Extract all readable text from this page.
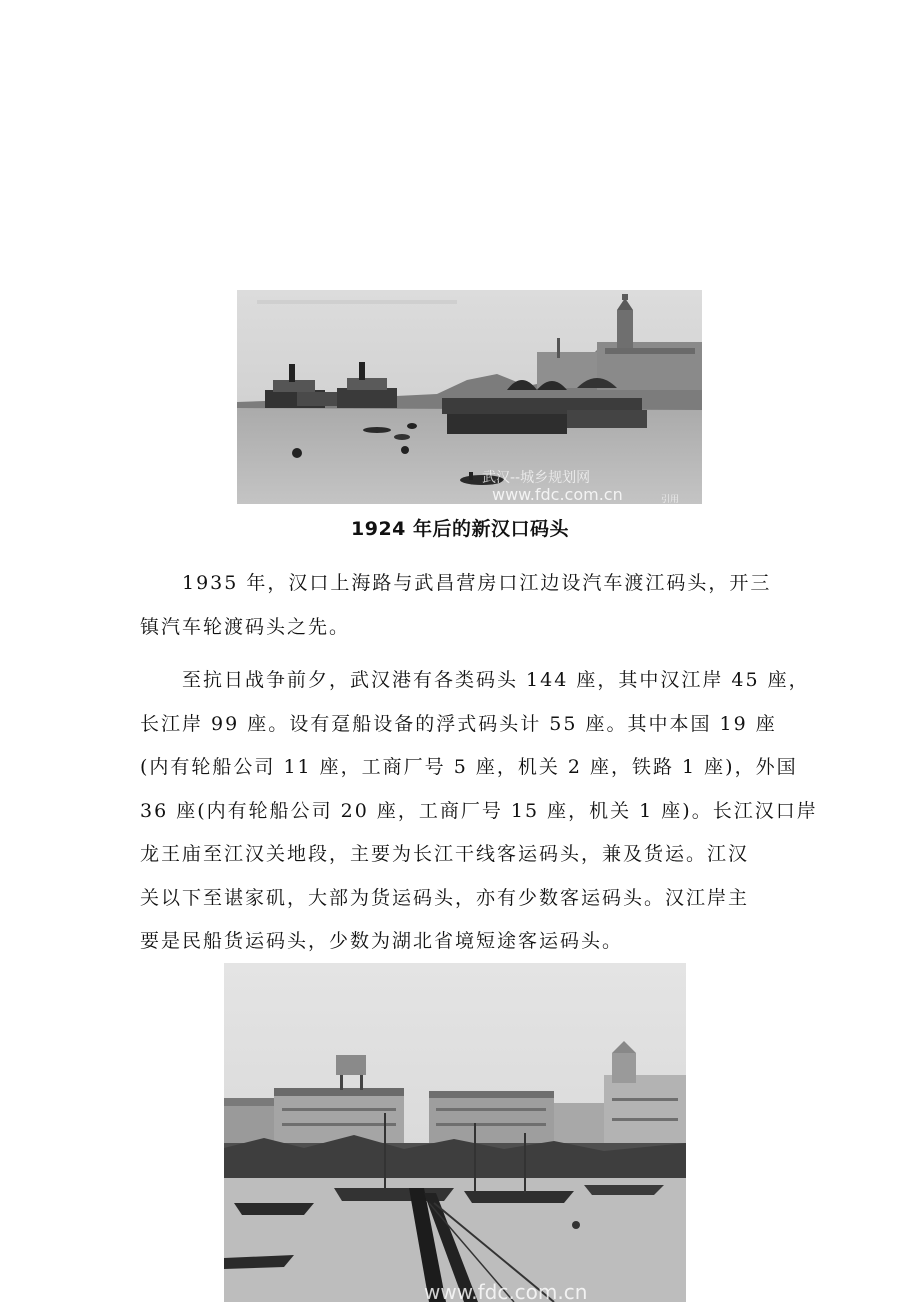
武汉--城乡规划网
www.fdc.com.cn	引用
1924 年后的新汉口码头
1935 年，汉口上海路与武昌营房口江边设汽车渡江码头，开三
镇汽车轮渡码头之先。
至抗日战争前夕，武汉港有各类码头 144 座，其中汉江岸 45 座，
长江岸 99 座。设有趸船设备的浮式码头计 55 座。其中本国 19 座
(内有轮船公司 11 座，工商厂号 5 座，机关 2 座，铁路 1 座)，外国
36 座(内有轮船公司 20 座，工商厂号 15 座，机关 1 座)。长江汉口岸
龙王庙至江汉关地段，主要为长江干线客运码头，兼及货运。江汉
关以下至谌家矶，大部为货运码头，亦有少数客运码头。汉江岸主
要是民船货运码头，少数为湖北省境短途客运码头。
www.fdc.com.cn
